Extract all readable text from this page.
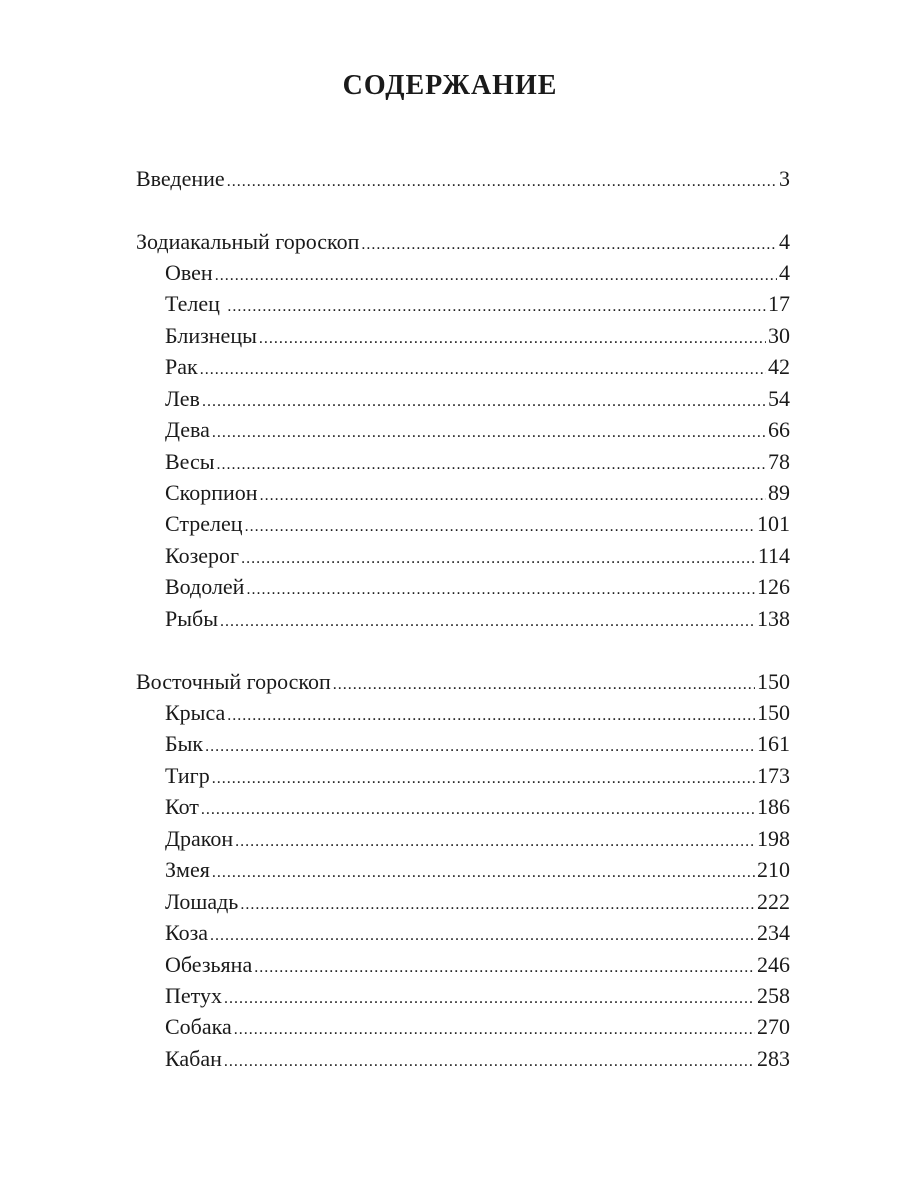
СОДЕРЖАНИЕ
Введение .....	3
Зодиакальный гороскоп .....	4
Овен .....	4
Телец .....	17
Близнецы .....	30
Рак .....	42
Лев .....	54
Дева .....	66
Весы .....	78
Скорпион .....	89
Стрелец .....	101
Козерог .....	114
Водолей .....	126
Рыбы .....	138
Восточный гороскоп .....	150
Крыса .....	150
Бык .....	161
Тигр .....	173
Кот .....	186
Дракон .....	198
Змея .....	210
Лошадь .....	222
Коза .....	234
Обезьяна .....	246
Петух .....	258
Собака .....	270
Кабан .....	283
